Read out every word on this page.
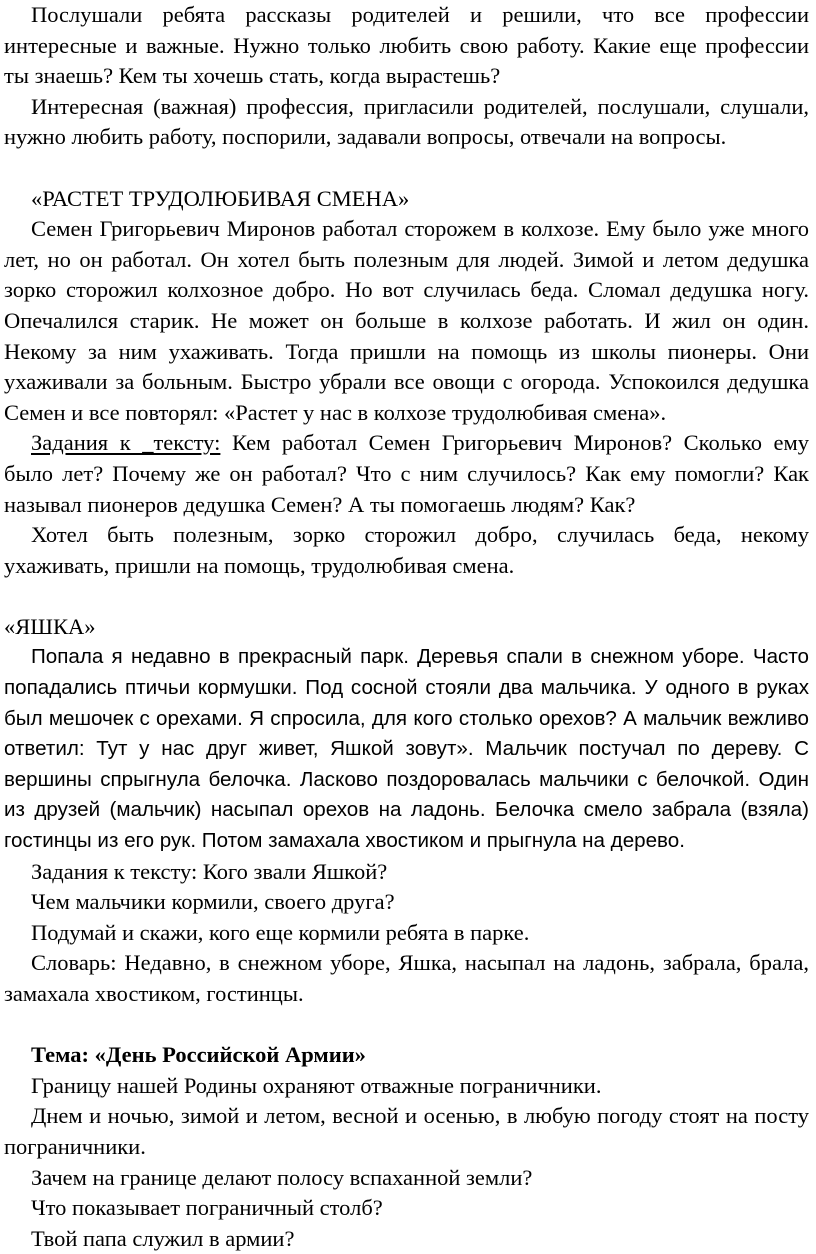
Послушали ребята рассказы родителей и решили, что все профессии интересные и важные. Нужно только любить свою работу. Какие еще профессии ты знаешь? Кем ты хочешь стать, когда вырастешь?

Интересная (важная) профессия, пригласили родителей, послушали, слушали, нужно любить работу, поспорили, задавали вопросы, отвечали на вопросы.

«РАСТЕТ ТРУДОЛЮБИВАЯ СМЕНА»

Семен Григорьевич Миронов работал сторожем в колхозе. Ему было уже много лет, но он работал. Он хотел быть полезным для людей. Зимой и летом дедушка зорко сторожил колхозное добро. Но вот случилась беда. Сломал дедушка ногу. Опечалился старик. Не может он больше в колхозе работать. И жил он один. Некому за ним ухаживать. Тогда пришли на помощь из школы пионеры. Они ухаживали за больным. Быстро убрали все овощи с огорода. Успокоился дедушка Семен и все повторял: «Растет у нас в колхозе трудолюбивая смена».

Задания к _тексту: Кем работал Семен Григорьевич Миронов? Сколько ему было лет? Почему же он работал? Что с ним случилось? Как ему помогли? Как называл пионеров дедушка Семен? А ты помогаешь людям? Как?

Хотел быть полезным, зорко сторожил добро, случилась беда, некому ухаживать, пришли на помощь, трудолюбивая смена.

«ЯШКА»

Попала я недавно в прекрасный парк. Деревья спали в снежном уборе. Часто попадались птичьи кормушки. Под сосной стояли два мальчика. У одного в руках был мешочек с орехами. Я спросила, для кого столько орехов? А мальчик вежливо ответил: Тут у нас друг живет, Яшкой зовут». Мальчик постучал по дереву. С вершины спрыгнула белочка. Ласково поздоровалась мальчики с белочкой. Один из друзей (мальчик) насыпал орехов на ладонь. Белочка смело забрала (взяла) гостинцы из его рук. Потом замахала хвостиком и прыгнула на дерево.

Задания к тексту: Кого звали Яшкой?

Чем мальчики кормили, своего друга?

Подумай и скажи, кого еще кормили ребята в парке.

Словарь: Недавно, в снежном уборе, Яшка, насыпал на ладонь, забрала, брала, замахала хвостиком, гостинцы.

Тема: «День Российской Армии»

Границу нашей Родины охраняют отважные пограничники.

Днем и ночью, зимой и летом, весной и осенью, в любую погоду стоят на посту пограничники.

Зачем на границе делают полосу вспаханной земли?

Что показывает пограничный столб?

Твой папа служил в армии?
